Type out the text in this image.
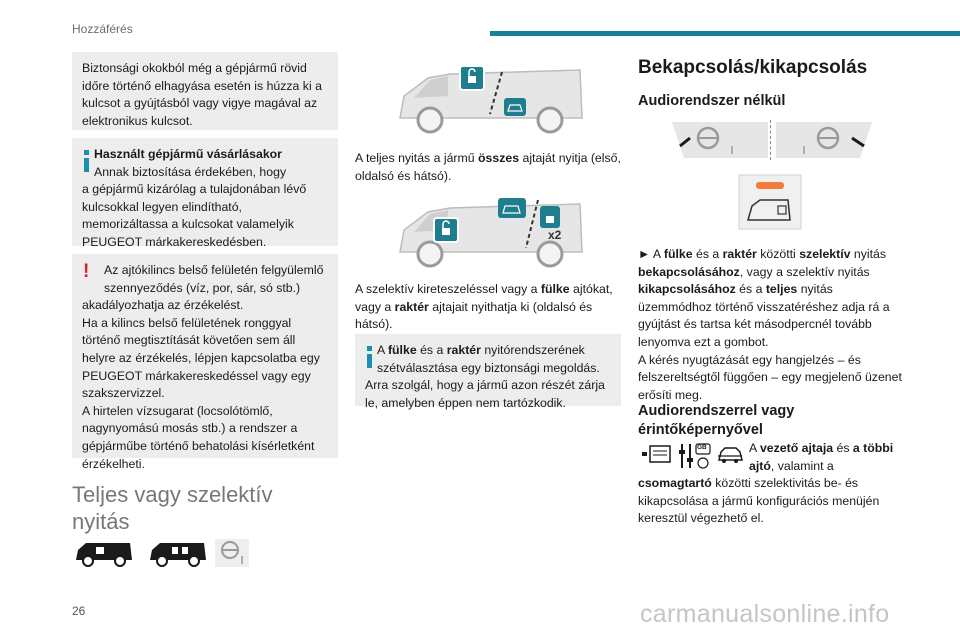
Hozzáférés
Biztonsági okokból még a gépjármű rövid időre történő elhagyása esetén is húzza ki a kulcsot a gyújtásból vagy vigye magával az elektronikus kulcsot.
Használt gépjármű vásárlásakor
Annak biztosítása érdekében, hogy
a gépjármű kizárólag a tulajdonában lévő kulcsokkal legyen elindítható, memorizáltassa a kulcsokat valamelyik PEUGEOT márkakereskedésben.
!	Az ajtókilincs belső felületén felgyülemlő szennyeződés (víz, por, sár, só stb.)
akadályozhatja az érzékelést.
Ha a kilincs belső felületének ronggyal történő megtisztítását követően sem áll helyre az érzékelés, lépjen kapcsolatba egy PEUGEOT márkakereskedéssel vagy egy szakszervizzel.
A hirtelen vízsugarat (locsolótömlő, nagynyomású mosás stb.) a rendszer a gépjárműbe történő behatolási kísérletként érzékelheti.
Teljes vagy szelektív
nyitás
A teljes nyitás a jármű összes ajtaját nyitja (első, oldalsó és hátsó).
x2
A szelektív kireteszeléssel vagy a fülke ajtókat, vagy a raktér ajtajait nyithatja ki (oldalsó és hátsó).
A fülke és a raktér nyitórendszerének szétválasztása egy biztonsági megoldás.
Arra szolgál, hogy a jármű azon részét zárja le, amelyben éppen nem tartózkodik.
Bekapcsolás/kikapcsolás
Audiorendszer nélkül
► A fülke és a raktér közötti szelektív nyitás bekapcsolásához, vagy a szelektív nyitás kikapcsolásához és a teljes nyitás üzemmódhoz történő visszatéréshez adja rá a gyújtást és tartsa két másodpercnél tovább lenyomva ezt a gombot.
A kérés nyugtázását egy hangjelzés – és felszereltségtől függően – egy megjelenő üzenet erősíti meg.
Audiorendszerrel vagy
érintőképernyővel
GB	A vezető ajtaja és a többi
ajtó, valamint a
csomagtartó közötti szelektivitás be- és kikapcsolása a jármű konfigurációs menüjén keresztül végezhető el.
26	carmanualsonline.info
